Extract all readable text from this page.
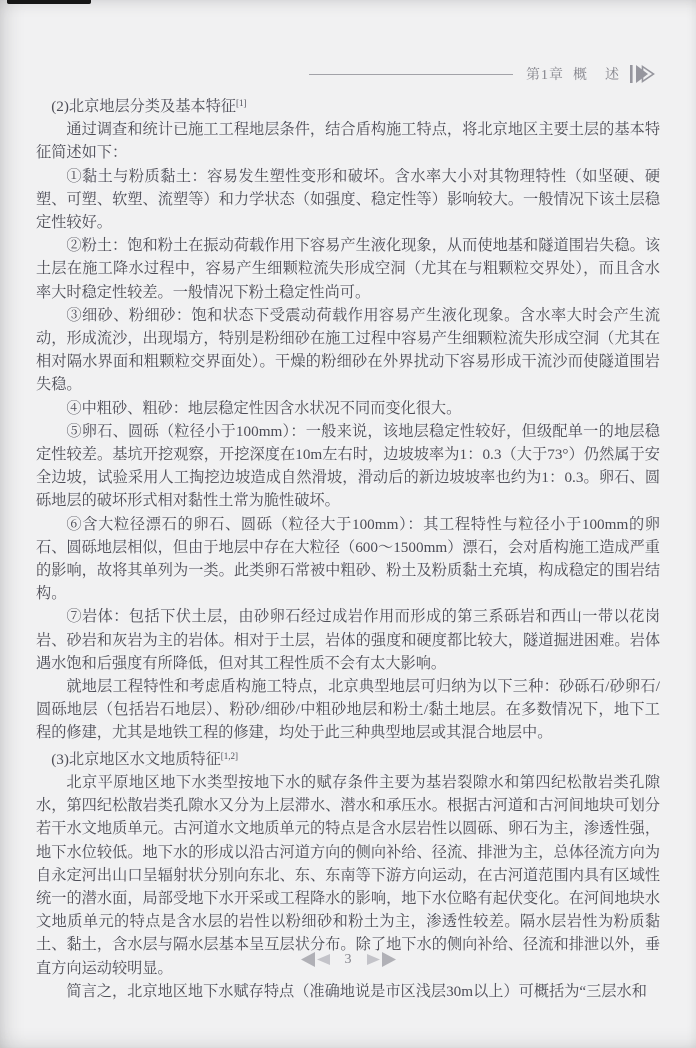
第1章 概　述

(2)北京地层分类及基本特征[1]

通过调查和统计已施工工程地层条件，结合盾构施工特点，将北京地区主要土层的基本特征简述如下：

①黏土与粉质黏土：容易发生塑性变形和破坏。含水率大小对其物理特性（如坚硬、硬塑、可塑、软塑、流塑等）和力学状态（如强度、稳定性等）影响较大。一般情况下该土层稳定性较好。

②粉土：饱和粉土在振动荷载作用下容易产生液化现象，从而使地基和隧道围岩失稳。该土层在施工降水过程中，容易产生细颗粒流失形成空洞（尤其在与粗颗粒交界处），而且含水率大时稳定性较差。一般情况下粉土稳定性尚可。

③细砂、粉细砂：饱和状态下受震动荷载作用容易产生液化现象。含水率大时会产生流动，形成流沙，出现塌方，特别是粉细砂在施工过程中容易产生细颗粒流失形成空洞（尤其在相对隔水界面和粗颗粒交界面处）。干燥的粉细砂在外界扰动下容易形成干流沙而使隧道围岩失稳。

④中粗砂、粗砂：地层稳定性因含水状况不同而变化很大。

⑤卵石、圆砾（粒径小于100mm）：一般来说，该地层稳定性较好，但级配单一的地层稳定性较差。基坑开挖观察，开挖深度在10m左右时，边坡坡率为1：0.3（大于73°）仍然属于安全边坡，试验采用人工掏挖边坡造成自然滑坡，滑动后的新边坡坡率也约为1：0.3。卵石、圆砾地层的破坏形式相对黏性土常为脆性破坏。

⑥含大粒径漂石的卵石、圆砾（粒径大于100mm）：其工程特性与粒径小于100mm的卵石、圆砾地层相似，但由于地层中存在大粒径（600～1500mm）漂石，会对盾构施工造成严重的影响，故将其单列为一类。此类卵石常被中粗砂、粉土及粉质黏土充填，构成稳定的围岩结构。

⑦岩体：包括下伏土层，由砂卵石经过成岩作用而形成的第三系砾岩和西山一带以花岗岩、砂岩和灰岩为主的岩体。相对于土层，岩体的强度和硬度都比较大，隧道掘进困难。岩体遇水饱和后强度有所降低，但对其工程性质不会有太大影响。

就地层工程特性和考虑盾构施工特点，北京典型地层可归纳为以下三种：砂砾石/砂卵石/圆砾地层（包括岩石地层）、粉砂/细砂/中粗砂地层和粉土/黏土地层。在多数情况下，地下工程的修建，尤其是地铁工程的修建，均处于此三种典型地层或其混合地层中。

(3)北京地区水文地质特征[1,2]

北京平原地区地下水类型按地下水的赋存条件主要为基岩裂隙水和第四纪松散岩类孔隙水，第四纪松散岩类孔隙水又分为上层滞水、潜水和承压水。根据古河道和古河间地块可划分若干水文地质单元。古河道水文地质单元的特点是含水层岩性以圆砾、卵石为主，渗透性强，地下水位较低。地下水的形成以沿古河道方向的侧向补给、径流、排泄为主，总体径流方向为自永定河出山口呈辐射状分别向东北、东、东南等下游方向运动，在古河道范围内具有区域性统一的潜水面，局部受地下水开采或工程降水的影响，地下水位略有起伏变化。在河间地块水文地质单元的特点是含水层的岩性以粉细砂和粉土为主，渗透性较差。隔水层岩性为粉质黏土、黏土，含水层与隔水层基本呈互层状分布。除了地下水的侧向补给、径流和排泄以外，垂直方向运动较明显。

简言之，北京地区地下水赋存特点（准确地说是市区浅层30m以上）可概括为“三层水和

3
